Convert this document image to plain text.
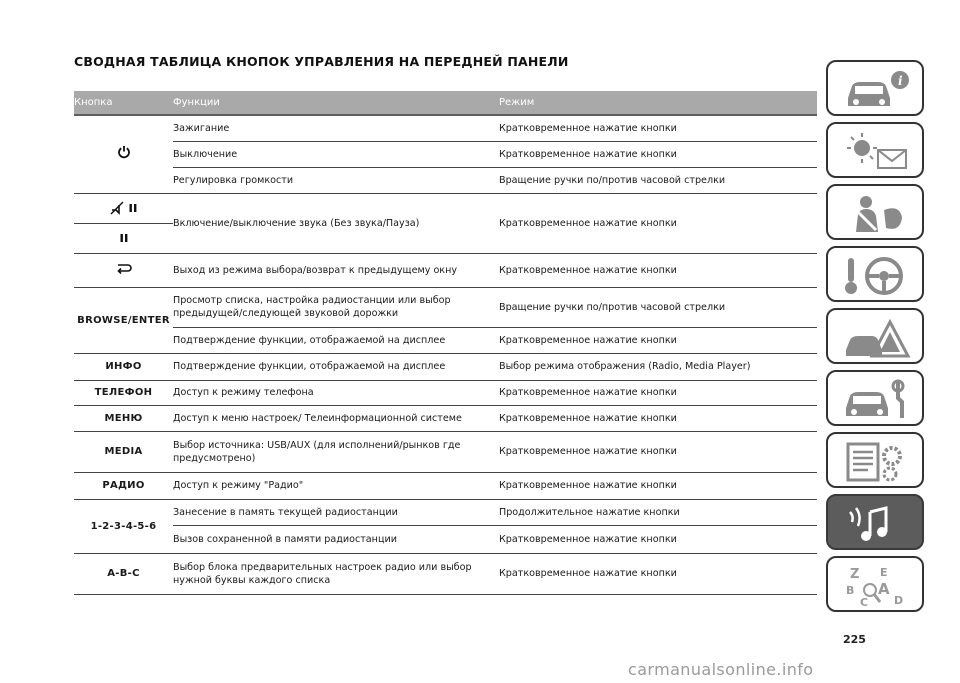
СВОДНАЯ ТАБЛИЦА КНОПОК УПРАВЛЕНИЯ НА ПЕРЕДНЕЙ ПАНЕЛИ
Кнопка	Функции	Режим
	Зажигание	Кратковременное нажатие кнопки
	Выключение	Кратковременное нажатие кнопки
	Регулировка громкости	Вращение ручки по/против часовой стрелки

	Включение/выключение звука (Без звука/Пауза)	Кратковременное нажатие кнопки
	Выход из режима выбора/возврат к предыдущему окну	Кратковременное нажатие кнопки
BROWSE/ENTER	Просмотр списка, настройка радиостанции или выбор предыдущей/следующей звуковой дорожки	Вращение ручки по/против часовой стрелки
	Подтверждение функции, отображаемой на дисплее	Кратковременное нажатие кнопки
ИНФО	Подтверждение функции, отображаемой на дисплее	Выбор режима отображения (Radio, Media Player)
ТЕЛЕФОН	Доступ к режиму телефона	Кратковременное нажатие кнопки
МЕНЮ	Доступ к меню настроек/ Телеинформационной системе	Кратковременное нажатие кнопки
MEDIA	Выбор источника: USB/AUX (для исполнений/рынков где предусмотрено)	Кратковременное нажатие кнопки
РАДИО	Доступ к режиму "Радио"	Кратковременное нажатие кнопки
1-2-3-4-5-6	Занесение в память текущей радиостанции	Продолжительное нажатие кнопки
	Вызов сохраненной в памяти радиостанции	Кратковременное нажатие кнопки
A-B-C	Выбор блока предварительных настроек радио или выбор нужной буквы каждого списка	Кратковременное нажатие кнопки
i
Z E
B A
C D
225
carmanualsonline.info
